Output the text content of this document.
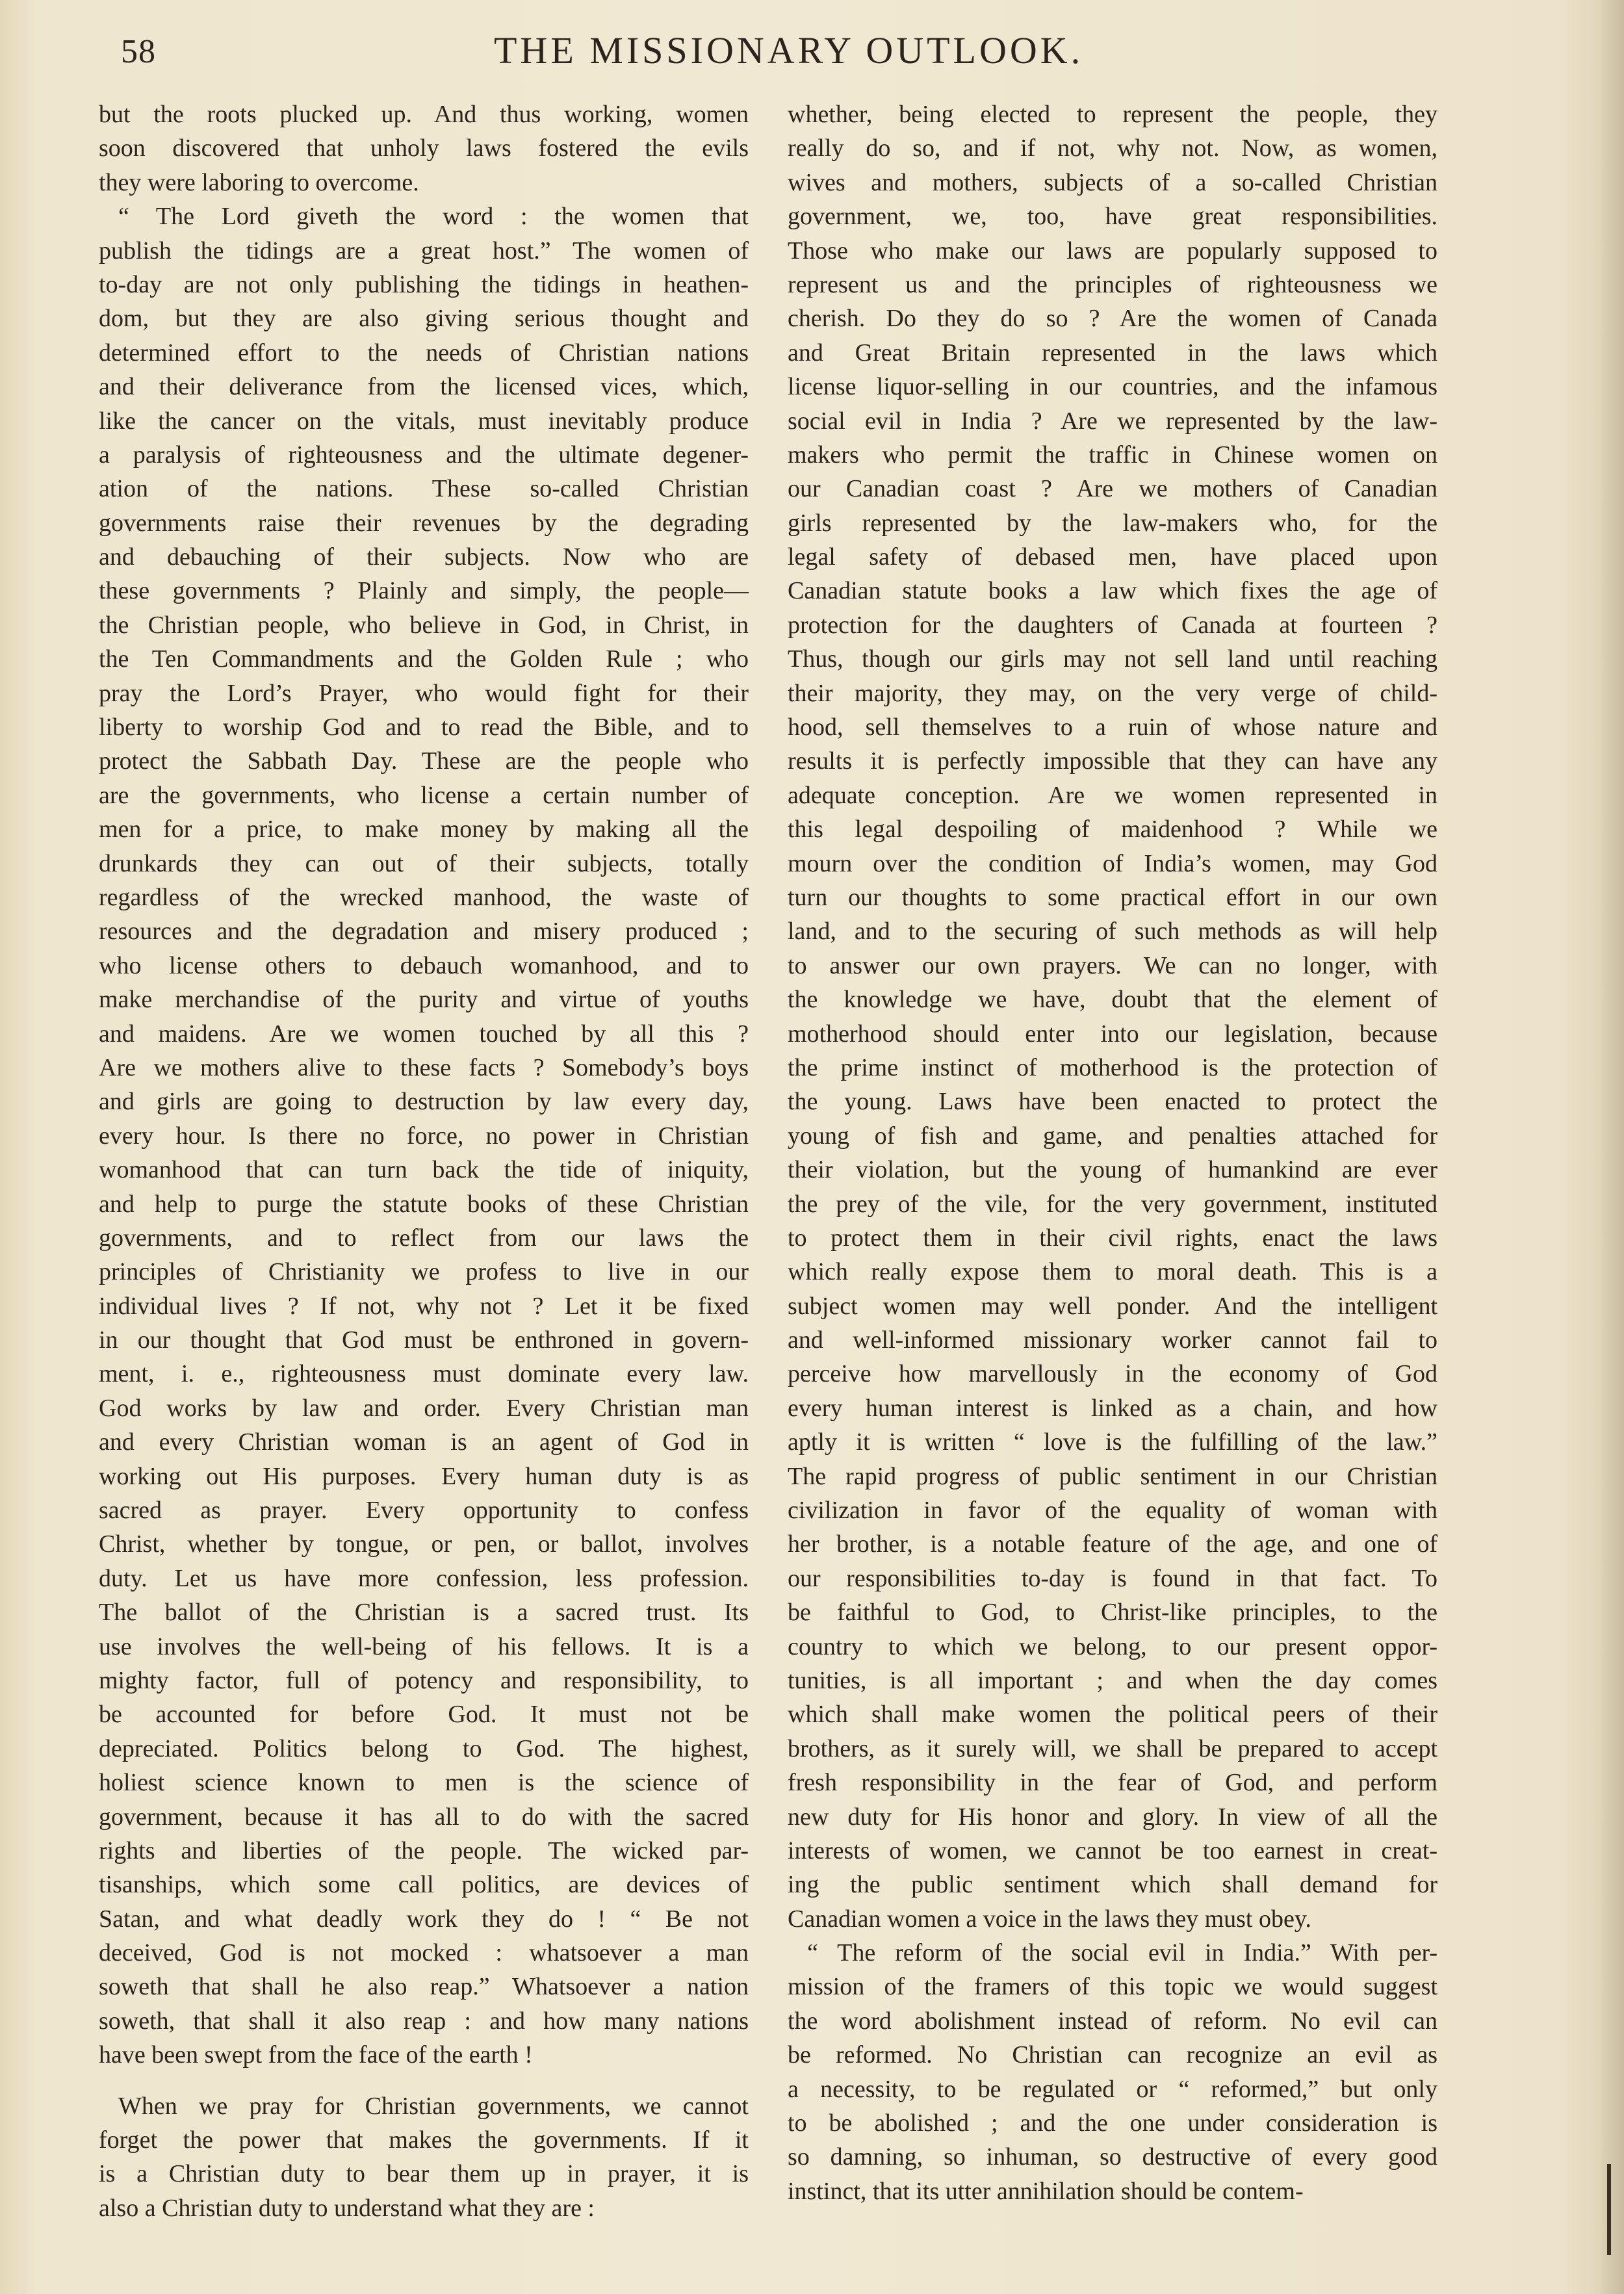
58	THE MISSIONARY OUTLOOK.
but the roots plucked up. And thus working, women
soon discovered that unholy laws fostered the evils
they were laboring to overcome.
“ The Lord giveth the word : the women that
publish the tidings are a great host.” The women of
to-day are not only publishing the tidings in heathen-
dom, but they are also giving serious thought and
determined effort to the needs of Christian nations
and their deliverance from the licensed vices, which,
like the cancer on the vitals, must inevitably produce
a paralysis of righteousness and the ultimate degener-
ation of the nations. These so-called Christian
governments raise their revenues by the degrading
and debauching of their subjects. Now who are
these governments ? Plainly and simply, the people—
the Christian people, who believe in God, in Christ, in
the Ten Commandments and the Golden Rule ; who
pray the Lord’s Prayer, who would fight for their
liberty to worship God and to read the Bible, and to
protect the Sabbath Day. These are the people who
are the governments, who license a certain number of
men for a price, to make money by making all the
drunkards they can out of their subjects, totally
regardless of the wrecked manhood, the waste of
resources and the degradation and misery produced ;
who license others to debauch womanhood, and to
make merchandise of the purity and virtue of youths
and maidens. Are we women touched by all this ?
Are we mothers alive to these facts ? Somebody’s boys
and girls are going to destruction by law every day,
every hour. Is there no force, no power in Christian
womanhood that can turn back the tide of iniquity,
and help to purge the statute books of these Christian
governments, and to reflect from our laws the
principles of Christianity we profess to live in our
individual lives ? If not, why not ? Let it be fixed
in our thought that God must be enthroned in govern-
ment, i. e., righteousness must dominate every law.
God works by law and order. Every Christian man
and every Christian woman is an agent of God in
working out His purposes. Every human duty is as
sacred as prayer. Every opportunity to confess
Christ, whether by tongue, or pen, or ballot, involves
duty. Let us have more confession, less profession.
The ballot of the Christian is a sacred trust. Its
use involves the well-being of his fellows. It is a
mighty factor, full of potency and responsibility, to
be accounted for before God. It must not be
depreciated. Politics belong to God. The highest,
holiest science known to men is the science of
government, because it has all to do with the sacred
rights and liberties of the people. The wicked par-
tisanships, which some call politics, are devices of
Satan, and what deadly work they do ! “ Be not
deceived, God is not mocked : whatsoever a man
soweth that shall he also reap.” Whatsoever a nation
soweth, that shall it also reap : and how many nations
have been swept from the face of the earth !
When we pray for Christian governments, we cannot
forget the power that makes the governments. If it
is a Christian duty to bear them up in prayer, it is
also a Christian duty to understand what they are :
whether, being elected to represent the people, they
really do so, and if not, why not. Now, as women,
wives and mothers, subjects of a so-called Christian
government, we, too, have great responsibilities.
Those who make our laws are popularly supposed to
represent us and the principles of righteousness we
cherish. Do they do so ? Are the women of Canada
and Great Britain represented in the laws which
license liquor-selling in our countries, and the infamous
social evil in India ? Are we represented by the law-
makers who permit the traffic in Chinese women on
our Canadian coast ? Are we mothers of Canadian
girls represented by the law-makers who, for the
legal safety of debased men, have placed upon
Canadian statute books a law which fixes the age of
protection for the daughters of Canada at fourteen ?
Thus, though our girls may not sell land until reaching
their majority, they may, on the very verge of child-
hood, sell themselves to a ruin of whose nature and
results it is perfectly impossible that they can have any
adequate conception. Are we women represented in
this legal despoiling of maidenhood ? While we
mourn over the condition of India’s women, may God
turn our thoughts to some practical effort in our own
land, and to the securing of such methods as will help
to answer our own prayers. We can no longer, with
the knowledge we have, doubt that the element of
motherhood should enter into our legislation, because
the prime instinct of motherhood is the protection of
the young. Laws have been enacted to protect the
young of fish and game, and penalties attached for
their violation, but the young of humankind are ever
the prey of the vile, for the very government, instituted
to protect them in their civil rights, enact the laws
which really expose them to moral death. This is a
subject women may well ponder. And the intelligent
and well-informed missionary worker cannot fail to
perceive how marvellously in the economy of God
every human interest is linked as a chain, and how
aptly it is written “ love is the fulfilling of the law.”
The rapid progress of public sentiment in our Christian
civilization in favor of the equality of woman with
her brother, is a notable feature of the age, and one of
our responsibilities to-day is found in that fact. To
be faithful to God, to Christ-like principles, to the
country to which we belong, to our present oppor-
tunities, is all important ; and when the day comes
which shall make women the political peers of their
brothers, as it surely will, we shall be prepared to accept
fresh responsibility in the fear of God, and perform
new duty for His honor and glory. In view of all the
interests of women, we cannot be too earnest in creat-
ing the public sentiment which shall demand for
Canadian women a voice in the laws they must obey.
“ The reform of the social evil in India.” With per-
mission of the framers of this topic we would suggest
the word abolishment instead of reform. No evil can
be reformed. No Christian can recognize an evil as
a necessity, to be regulated or “ reformed,” but only
to be abolished ; and the one under consideration is
so damning, so inhuman, so destructive of every good
instinct, that its utter annihilation should be contem-
